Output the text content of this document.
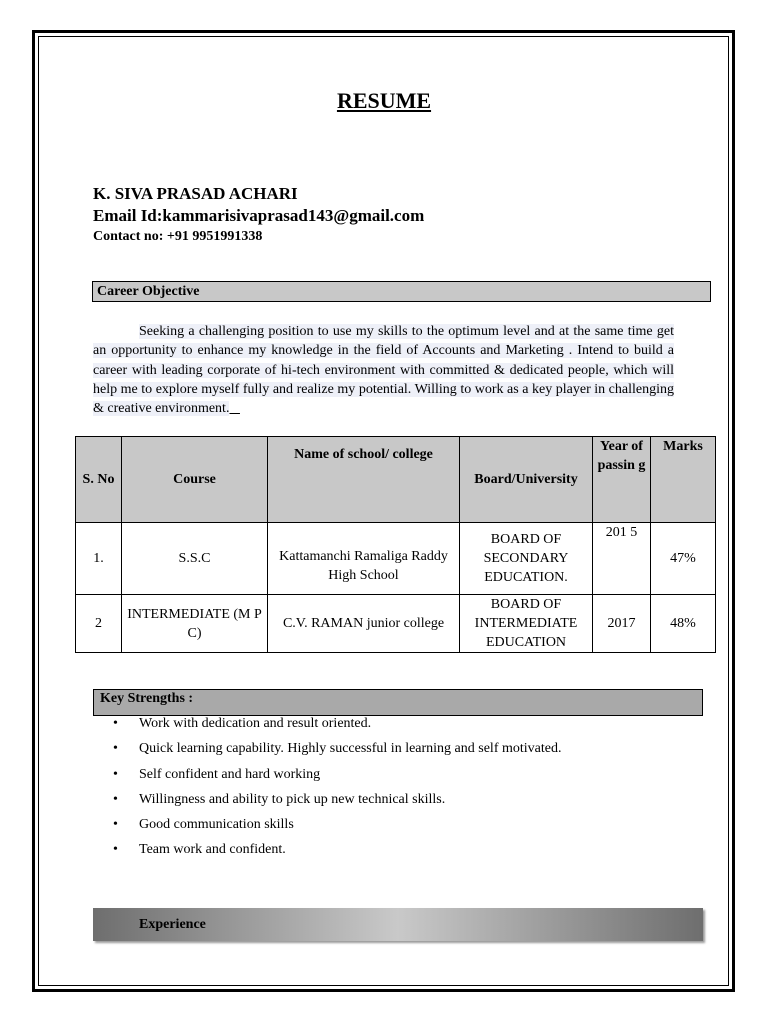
RESUME
K. SIVA PRASAD ACHARI
Email Id:kammarisivaprasad143@gmail.com
Contact no: +91 9951991338
Career Objective
Seeking a challenging position to use my skills to the optimum level and at the same time get an opportunity to enhance my knowledge in the field of Accounts and Marketing . Intend to build a career with leading corporate of hi-tech environment with committed & dedicated people, which will help me to explore myself fully and realize my potential. Willing to work as a key player in challenging & creative environment.
S. No	Course	Name of school/ college	Board/University	Year of passin g	Marks
1.	S.S.C	Kattamanchi Ramaliga Raddy High School	BOARD OF SECONDARY EDUCATION.	201 5	47%
2	INTERMEDIATE (M P C)	C.V. RAMAN junior college	BOARD OF INTERMEDIATE EDUCATION	2017	48%
Key Strengths :
• Work with dedication and result oriented.
• Quick learning capability. Highly successful in learning and self motivated.
• Self confident and hard working
• Willingness and ability to pick up new technical skills.
• Good communication skills
• Team work and confident.
Experience
